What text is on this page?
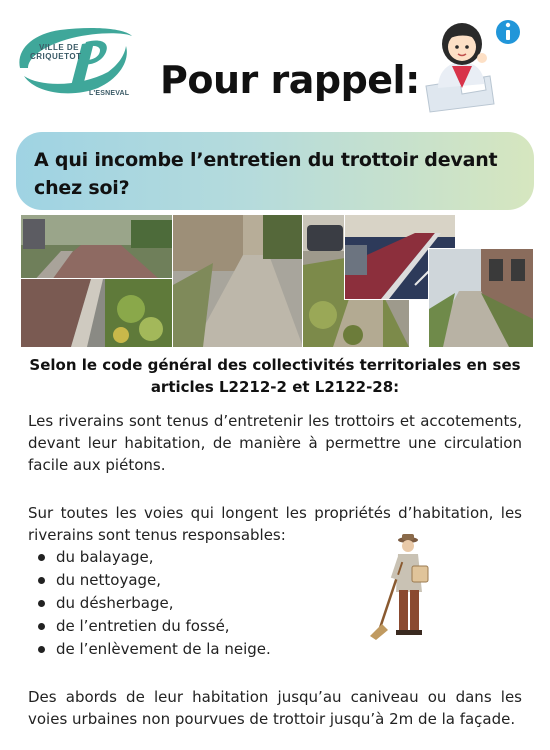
VILLE DE
CRIQUETOT
L'ESNEVAL Pour rappel:
A qui incombe l’entretien du trottoir devant chez soi?
Selon le code général des collectivités territoriales en ses articles L2212-2 et L2122-28:
Les riverains sont tenus d’entretenir les trottoirs et accotements, devant leur habitation, de manière à permettre une circulation facile aux piétons.
Sur toutes les voies qui longent les propriétés d’habitation, les riverains sont tenus responsables:
du balayage,
du nettoyage,
du désherbage,
de l’entretien du fossé,
de l’enlèvement de la neige.
Des abords de leur habitation jusqu’au caniveau ou dans les voies urbaines non pourvues de trottoir jusqu’à 2m de la façade.
